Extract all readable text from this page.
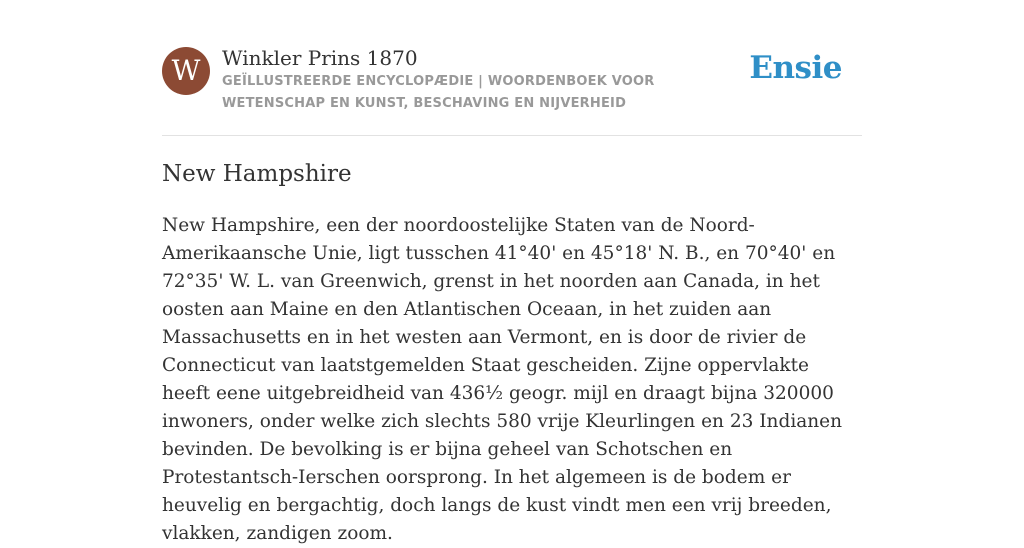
W	Winkler Prins 1870
GEÏLLUSTREERDE ENCYCLOPÆDIE | WOORDENBOEK VOOR WETENSCHAP EN KUNST, BESCHAVING EN NIJVERHEID
Ensie
New Hampshire

New Hampshire, een der noordoostelijke Staten van de Noord-Amerikaansche Unie, ligt tusschen 41°40' en 45°18' N. B., en 70°40' en 72°35' W. L. van Greenwich, grenst in het noorden aan Canada, in het oosten aan Maine en den Atlantischen Oceaan, in het zuiden aan Massachusetts en in het westen aan Vermont, en is door de rivier de Connecticut van laatstgemelden Staat gescheiden. Zijne oppervlakte heeft eene uitgebreidheid van 436½ geogr. mijl en draagt bijna 320000 inwoners, onder welke zich slechts 580 vrije Kleurlingen en 23 Indianen bevinden. De bevolking is er bijna geheel van Schotschen en Protestantsch-Ierschen oorsprong. In het algemeen is de bodem er heuvelig en bergachtig, doch langs de kust vindt men een vrij breeden, vlakken, zandigen zoom.
